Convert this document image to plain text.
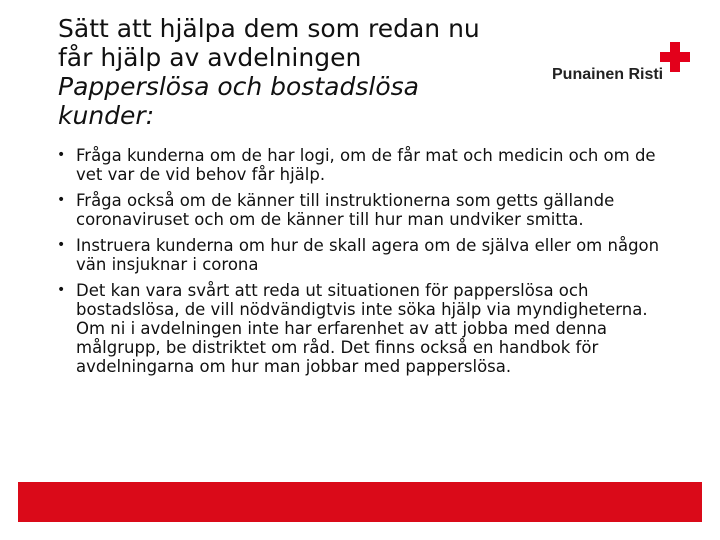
Sätt att hjälpa dem som redan nu
får hjälp av avdelningen
Papperslösa och bostadslösa
kunder:
Punainen Risti
• Fråga kunderna om de har logi, om de får mat och medicin och om de vet var de vid behov får hjälp.
• Fråga också om de känner till instruktionerna som getts gällande coronaviruset och om de känner till hur man undviker smitta.
• Instruera kunderna om hur de skall agera om de själva eller om någon vän insjuknar i corona
• Det kan vara svårt att reda ut situationen för papperslösa och bostadslösa, de vill nödvändigtvis inte söka hjälp via myndigheterna. Om ni i avdelningen inte har erfarenhet av att jobba med denna målgrupp, be distriktet om råd. Det finns också en handbok för avdelningarna om hur man jobbar med papperslösa.
